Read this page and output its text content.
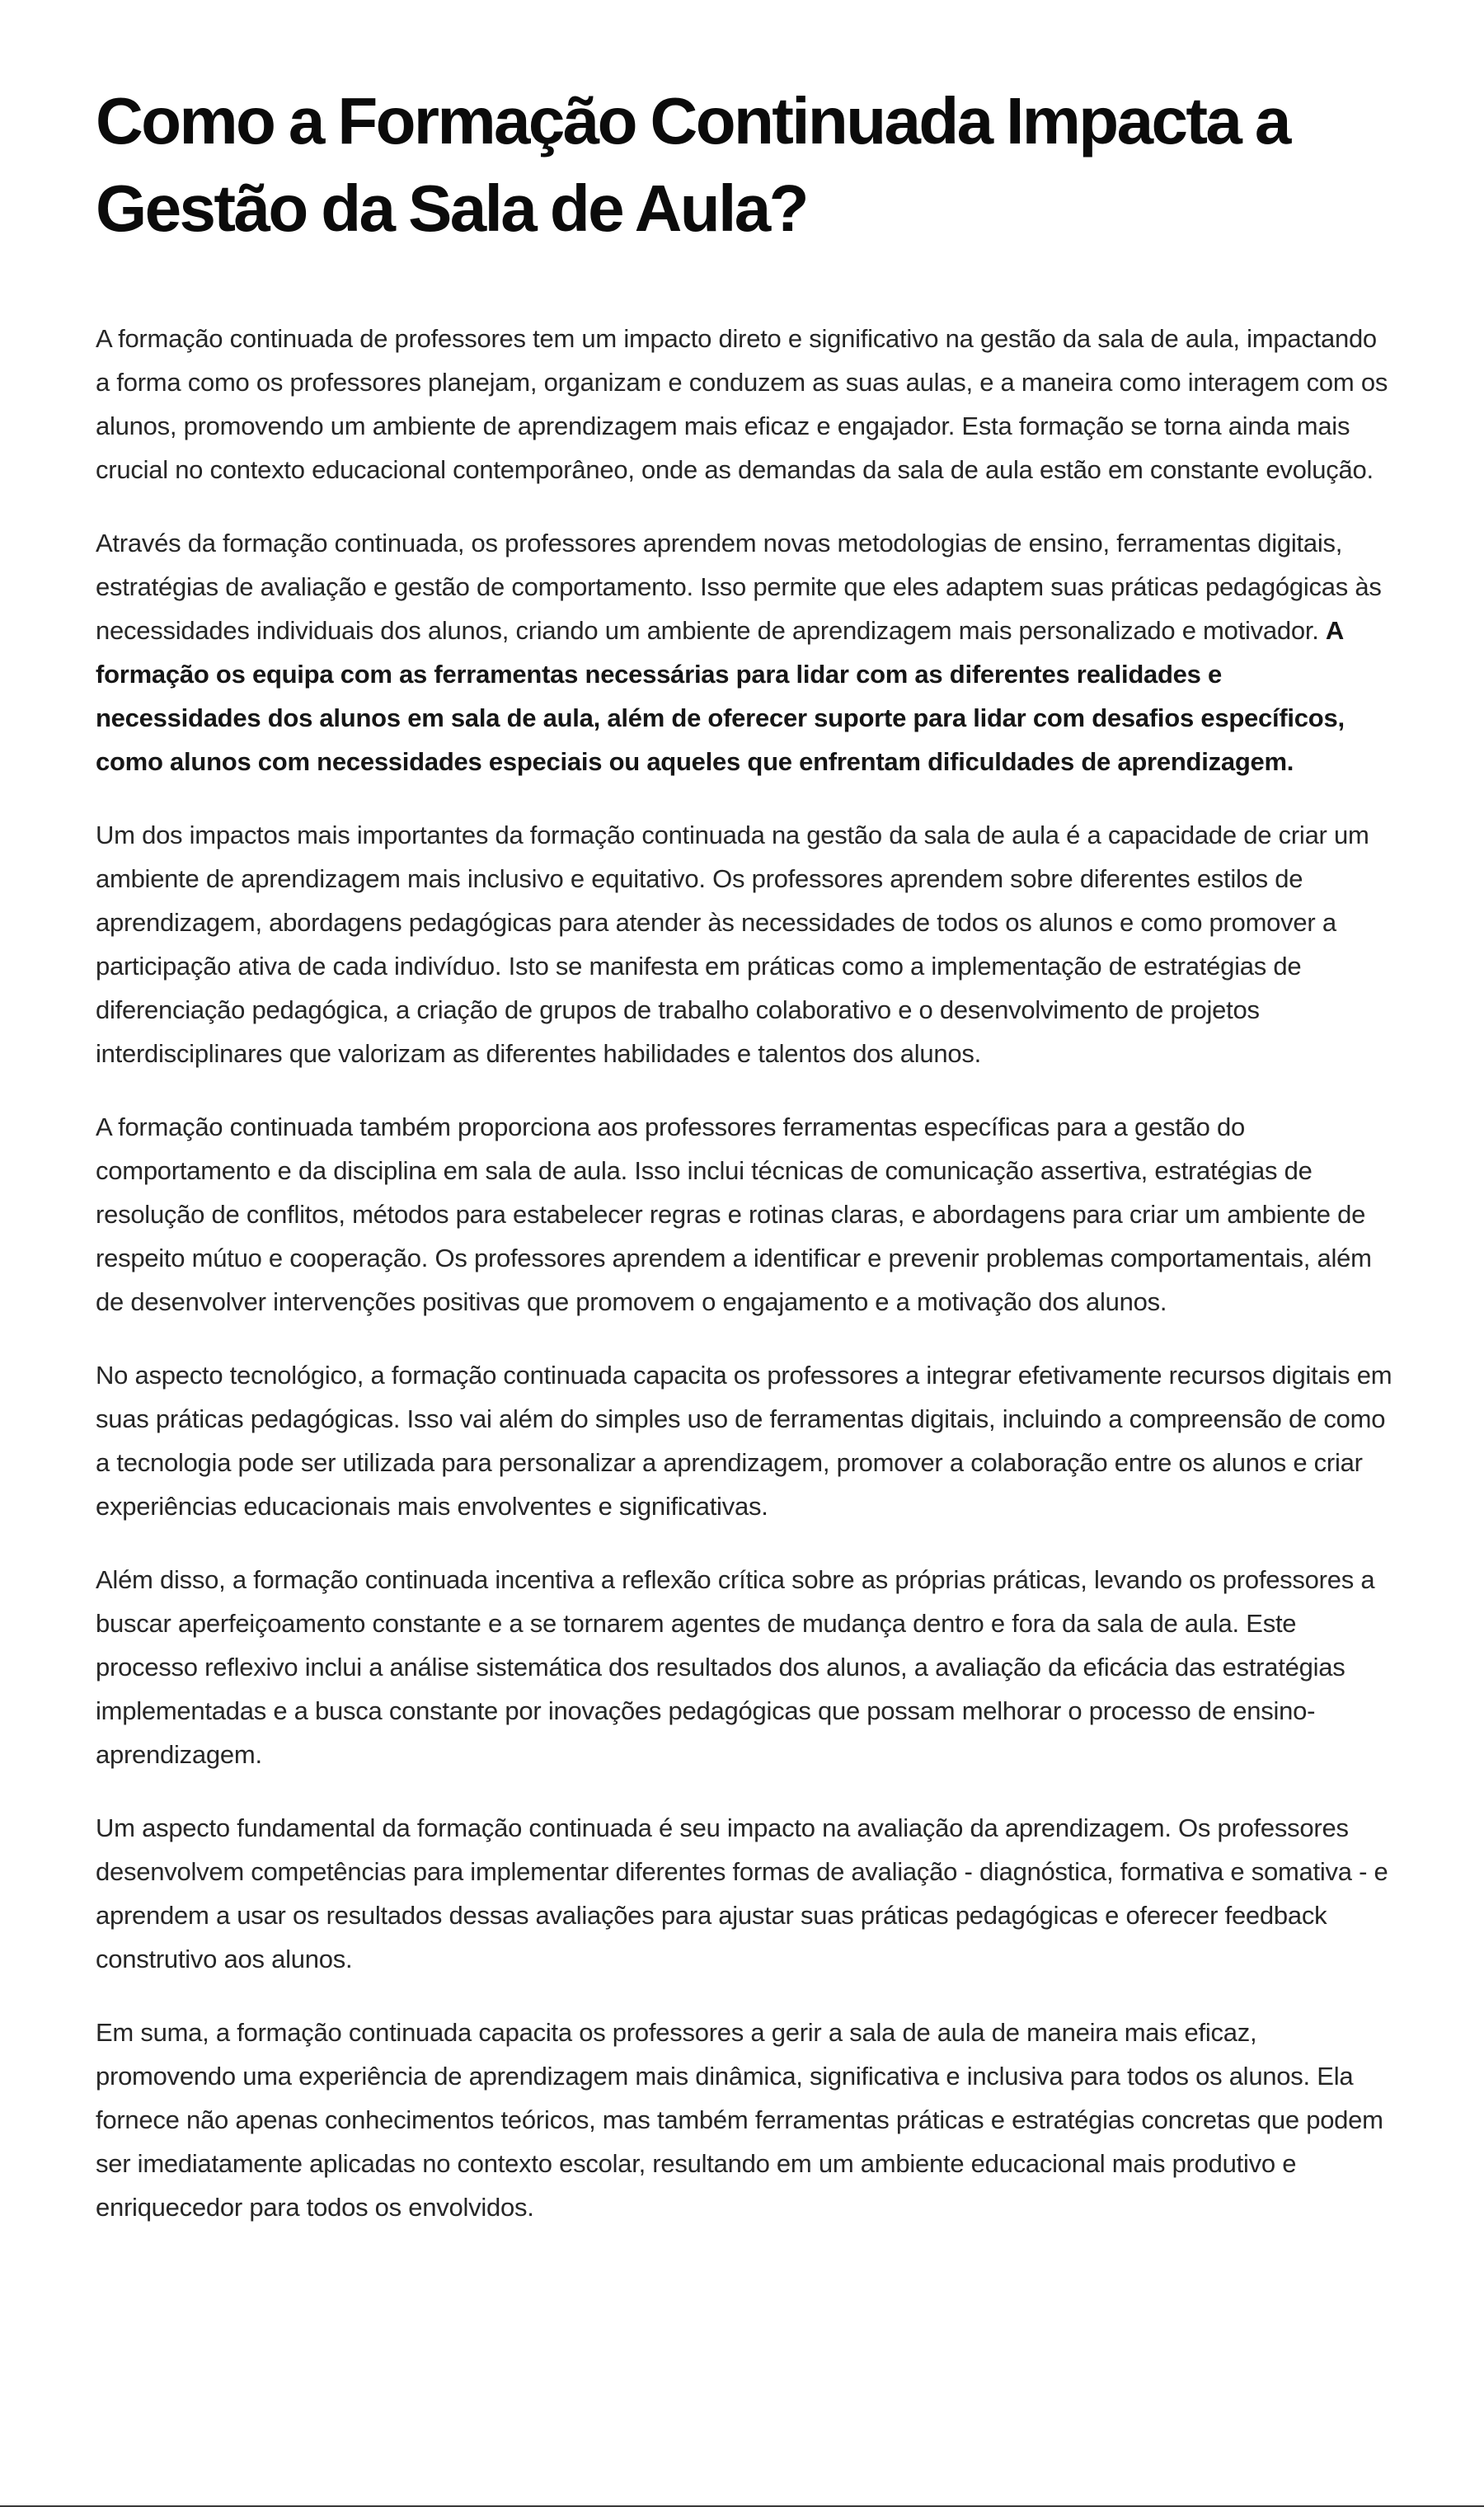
Como a Formação Continuada Impacta a Gestão da Sala de Aula?

A formação continuada de professores tem um impacto direto e significativo na gestão da sala de aula, impactando a forma como os professores planejam, organizam e conduzem as suas aulas, e a maneira como interagem com os alunos, promovendo um ambiente de aprendizagem mais eficaz e engajador. Esta formação se torna ainda mais crucial no contexto educacional contemporâneo, onde as demandas da sala de aula estão em constante evolução.

Através da formação continuada, os professores aprendem novas metodologias de ensino, ferramentas digitais, estratégias de avaliação e gestão de comportamento. Isso permite que eles adaptem suas práticas pedagógicas às necessidades individuais dos alunos, criando um ambiente de aprendizagem mais personalizado e motivador. A formação os equipa com as ferramentas necessárias para lidar com as diferentes realidades e necessidades dos alunos em sala de aula, além de oferecer suporte para lidar com desafios específicos, como alunos com necessidades especiais ou aqueles que enfrentam dificuldades de aprendizagem.

Um dos impactos mais importantes da formação continuada na gestão da sala de aula é a capacidade de criar um ambiente de aprendizagem mais inclusivo e equitativo. Os professores aprendem sobre diferentes estilos de aprendizagem, abordagens pedagógicas para atender às necessidades de todos os alunos e como promover a participação ativa de cada indivíduo. Isto se manifesta em práticas como a implementação de estratégias de diferenciação pedagógica, a criação de grupos de trabalho colaborativo e o desenvolvimento de projetos interdisciplinares que valorizam as diferentes habilidades e talentos dos alunos.

A formação continuada também proporciona aos professores ferramentas específicas para a gestão do comportamento e da disciplina em sala de aula. Isso inclui técnicas de comunicação assertiva, estratégias de resolução de conflitos, métodos para estabelecer regras e rotinas claras, e abordagens para criar um ambiente de respeito mútuo e cooperação. Os professores aprendem a identificar e prevenir problemas comportamentais, além de desenvolver intervenções positivas que promovem o engajamento e a motivação dos alunos.

No aspecto tecnológico, a formação continuada capacita os professores a integrar efetivamente recursos digitais em suas práticas pedagógicas. Isso vai além do simples uso de ferramentas digitais, incluindo a compreensão de como a tecnologia pode ser utilizada para personalizar a aprendizagem, promover a colaboração entre os alunos e criar experiências educacionais mais envolventes e significativas.

Além disso, a formação continuada incentiva a reflexão crítica sobre as próprias práticas, levando os professores a buscar aperfeiçoamento constante e a se tornarem agentes de mudança dentro e fora da sala de aula. Este processo reflexivo inclui a análise sistemática dos resultados dos alunos, a avaliação da eficácia das estratégias implementadas e a busca constante por inovações pedagógicas que possam melhorar o processo de ensino-aprendizagem.

Um aspecto fundamental da formação continuada é seu impacto na avaliação da aprendizagem. Os professores desenvolvem competências para implementar diferentes formas de avaliação - diagnóstica, formativa e somativa - e aprendem a usar os resultados dessas avaliações para ajustar suas práticas pedagógicas e oferecer feedback construtivo aos alunos.

Em suma, a formação continuada capacita os professores a gerir a sala de aula de maneira mais eficaz, promovendo uma experiência de aprendizagem mais dinâmica, significativa e inclusiva para todos os alunos. Ela fornece não apenas conhecimentos teóricos, mas também ferramentas práticas e estratégias concretas que podem ser imediatamente aplicadas no contexto escolar, resultando em um ambiente educacional mais produtivo e enriquecedor para todos os envolvidos.
